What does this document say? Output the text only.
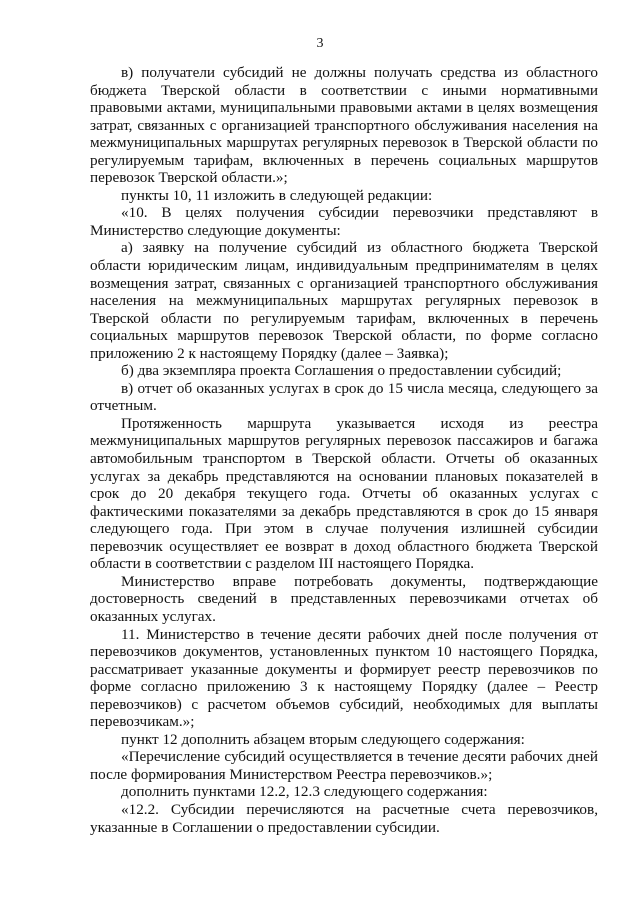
3

в) получатели субсидий не должны получать средства из областного бюджета Тверской области в соответствии с иными нормативными правовыми актами, муниципальными правовыми актами в целях возмещения затрат, связанных с организацией транспортного обслуживания населения на межмуниципальных маршрутах регулярных перевозок в Тверской области по регулируемым тарифам, включенных в перечень социальных маршрутов перевозок Тверской области.»;

пункты 10, 11 изложить в следующей редакции:

«10. В целях получения субсидии перевозчики представляют в Министерство следующие документы:

а) заявку на получение субсидий из областного бюджета Тверской области юридическим лицам, индивидуальным предпринимателям в целях возмещения затрат, связанных с организацией транспортного обслуживания населения на межмуниципальных маршрутах регулярных перевозок в Тверской области по регулируемым тарифам, включенных в перечень социальных маршрутов перевозок Тверской области, по форме согласно приложению 2 к настоящему Порядку (далее – Заявка);

б) два экземпляра проекта Соглашения о предоставлении субсидий;

в) отчет об оказанных услугах в срок до 15 числа месяца, следующего за отчетным.

Протяженность маршрута указывается исходя из реестра межмуниципальных маршрутов регулярных перевозок пассажиров и багажа автомобильным транспортом в Тверской области. Отчеты об оказанных услугах за декабрь представляются на основании плановых показателей в срок до 20 декабря текущего года. Отчеты об оказанных услугах с фактическими показателями за декабрь представляются в срок до 15 января следующего года. При этом в случае получения излишней субсидии перевозчик осуществляет ее возврат в доход областного бюджета Тверской области в соответствии с разделом III настоящего Порядка.

Министерство вправе потребовать документы, подтверждающие достоверность сведений в представленных перевозчиками отчетах об оказанных услугах.

11. Министерство в течение десяти рабочих дней после получения от перевозчиков документов, установленных пунктом 10 настоящего Порядка, рассматривает указанные документы и формирует реестр перевозчиков по форме согласно приложению 3 к настоящему Порядку (далее – Реестр перевозчиков) с расчетом объемов субсидий, необходимых для выплаты перевозчикам.»;

пункт 12 дополнить абзацем вторым следующего содержания:

«Перечисление субсидий осуществляется в течение десяти рабочих дней после формирования Министерством Реестра перевозчиков.»;

дополнить пунктами 12.2, 12.3 следующего содержания:

«12.2. Субсидии перечисляются на расчетные счета перевозчиков, указанные в Соглашении о предоставлении субсидии.
